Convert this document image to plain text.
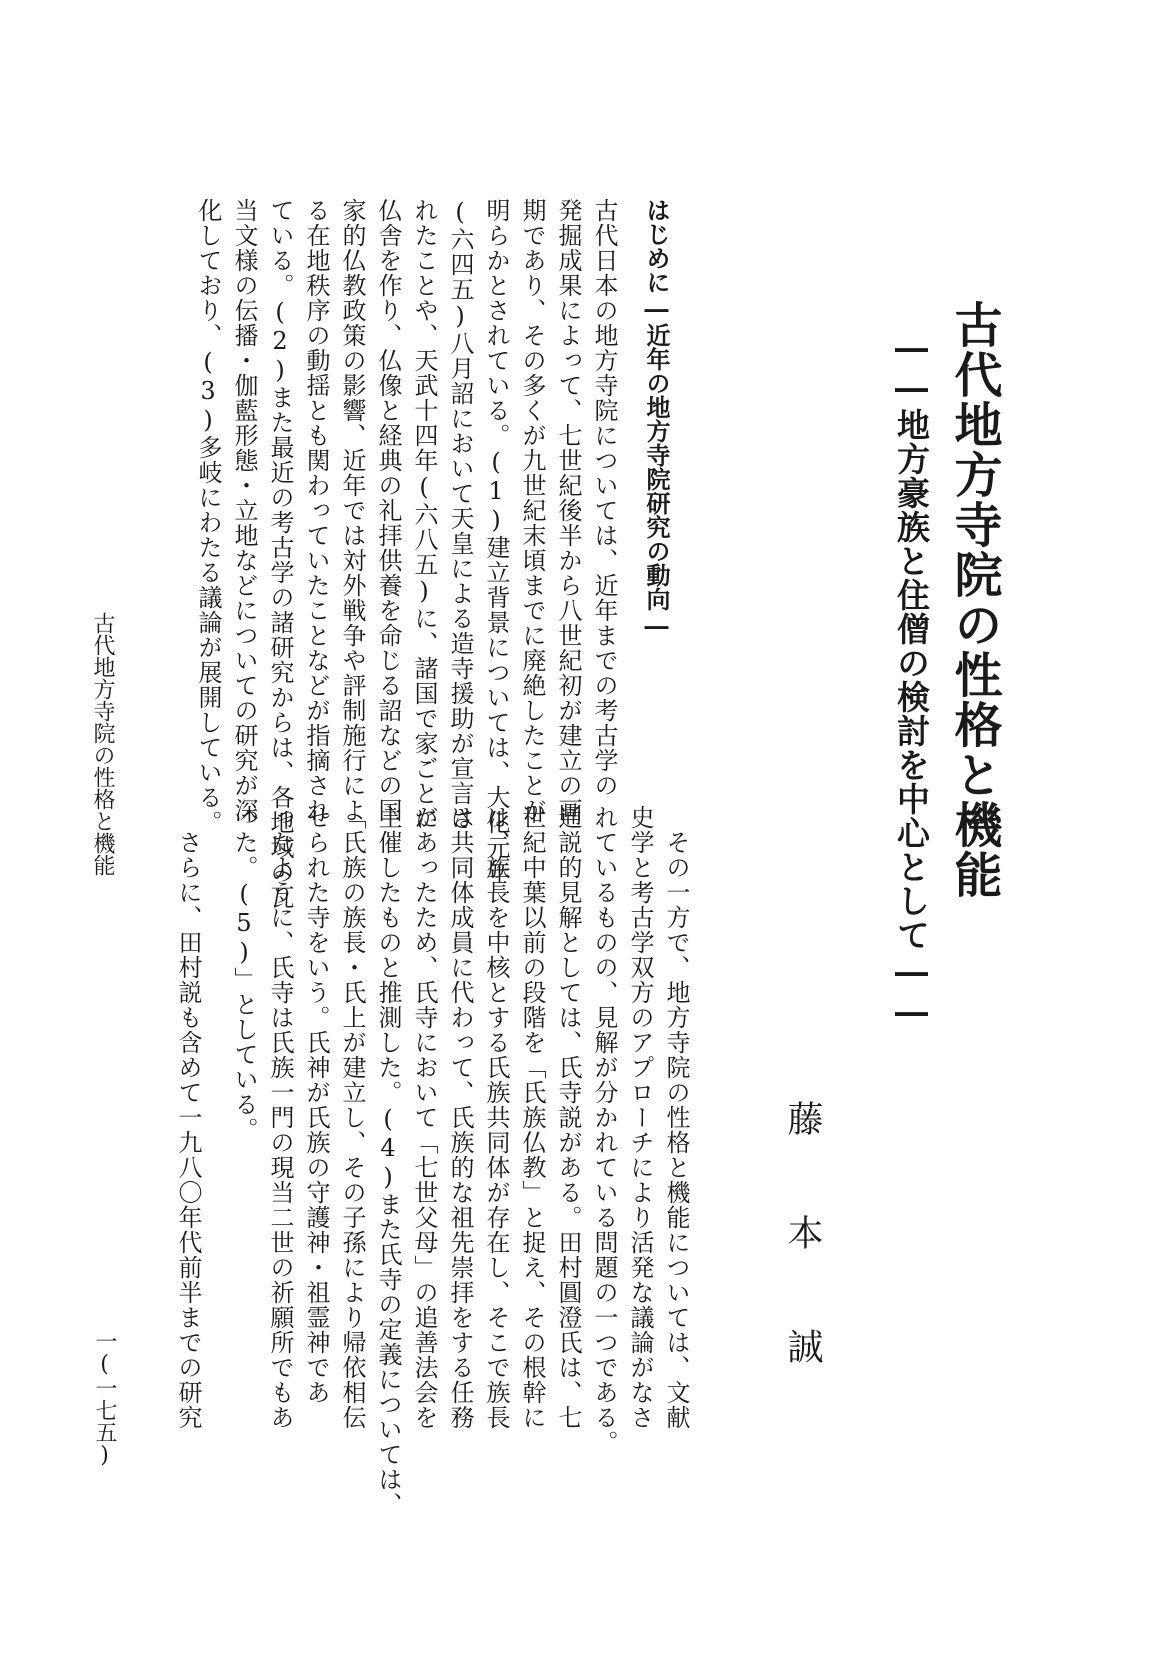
古代地方寺院の性格と機能
――地方豪族と住僧の検討を中心として――
藤本誠
はじめに―近年の地方寺院研究の動向―

古代日本の地方寺院については、近年までの考古学の

発掘成果によって、七世紀後半から八世紀初が建立の画

期であり、その多くが九世紀末頃までに廃絶したことが

明らかとされている。(1)建立背景については、大化元年

(六四五)八月詔において天皇による造寺援助が宣言さ

れたことや、天武十四年(六八五)に、諸国で家ごとに

仏舎を作り、仏像と経典の礼拝供養を命じる詔などの国

家的仏教政策の影響、近年では対外戦争や評制施行によ

る在地秩序の動揺とも関わっていたことなどが指摘され

ている。(2)また最近の考古学の諸研究からは、各地域の瓦

当文様の伝播・伽藍形態・立地などについての研究が深

化しており、(3)多岐にわたる議論が展開している。

その一方で、地方寺院の性格と機能については、文献

史学と考古学双方のアプローチにより活発な議論がなさ

れているものの、見解が分かれている問題の一つである。

通説的見解としては、氏寺説がある。田村圓澄氏は、七

世紀中葉以前の段階を「氏族仏教」と捉え、その根幹に

は、族長を中核とする氏族共同体が存在し、そこで族長

は共同体成員に代わって、氏族的な祖先崇拝をする任務

があったため、氏寺において「七世父母」の追善法会を

主催したものと推測した。(4)また氏寺の定義については、

「氏族の族長・氏上が建立し、その子孫により帰依相伝

せられた寺をいう。氏神が氏族の守護神・祖霊神であ

ったように、氏寺は氏族一門の現当二世の祈願所でもあ

った。(5)」としている。

さらに、田村説も含めて一九八〇年代前半までの研究

古代地方寺院の性格と機能
一(一七五)
